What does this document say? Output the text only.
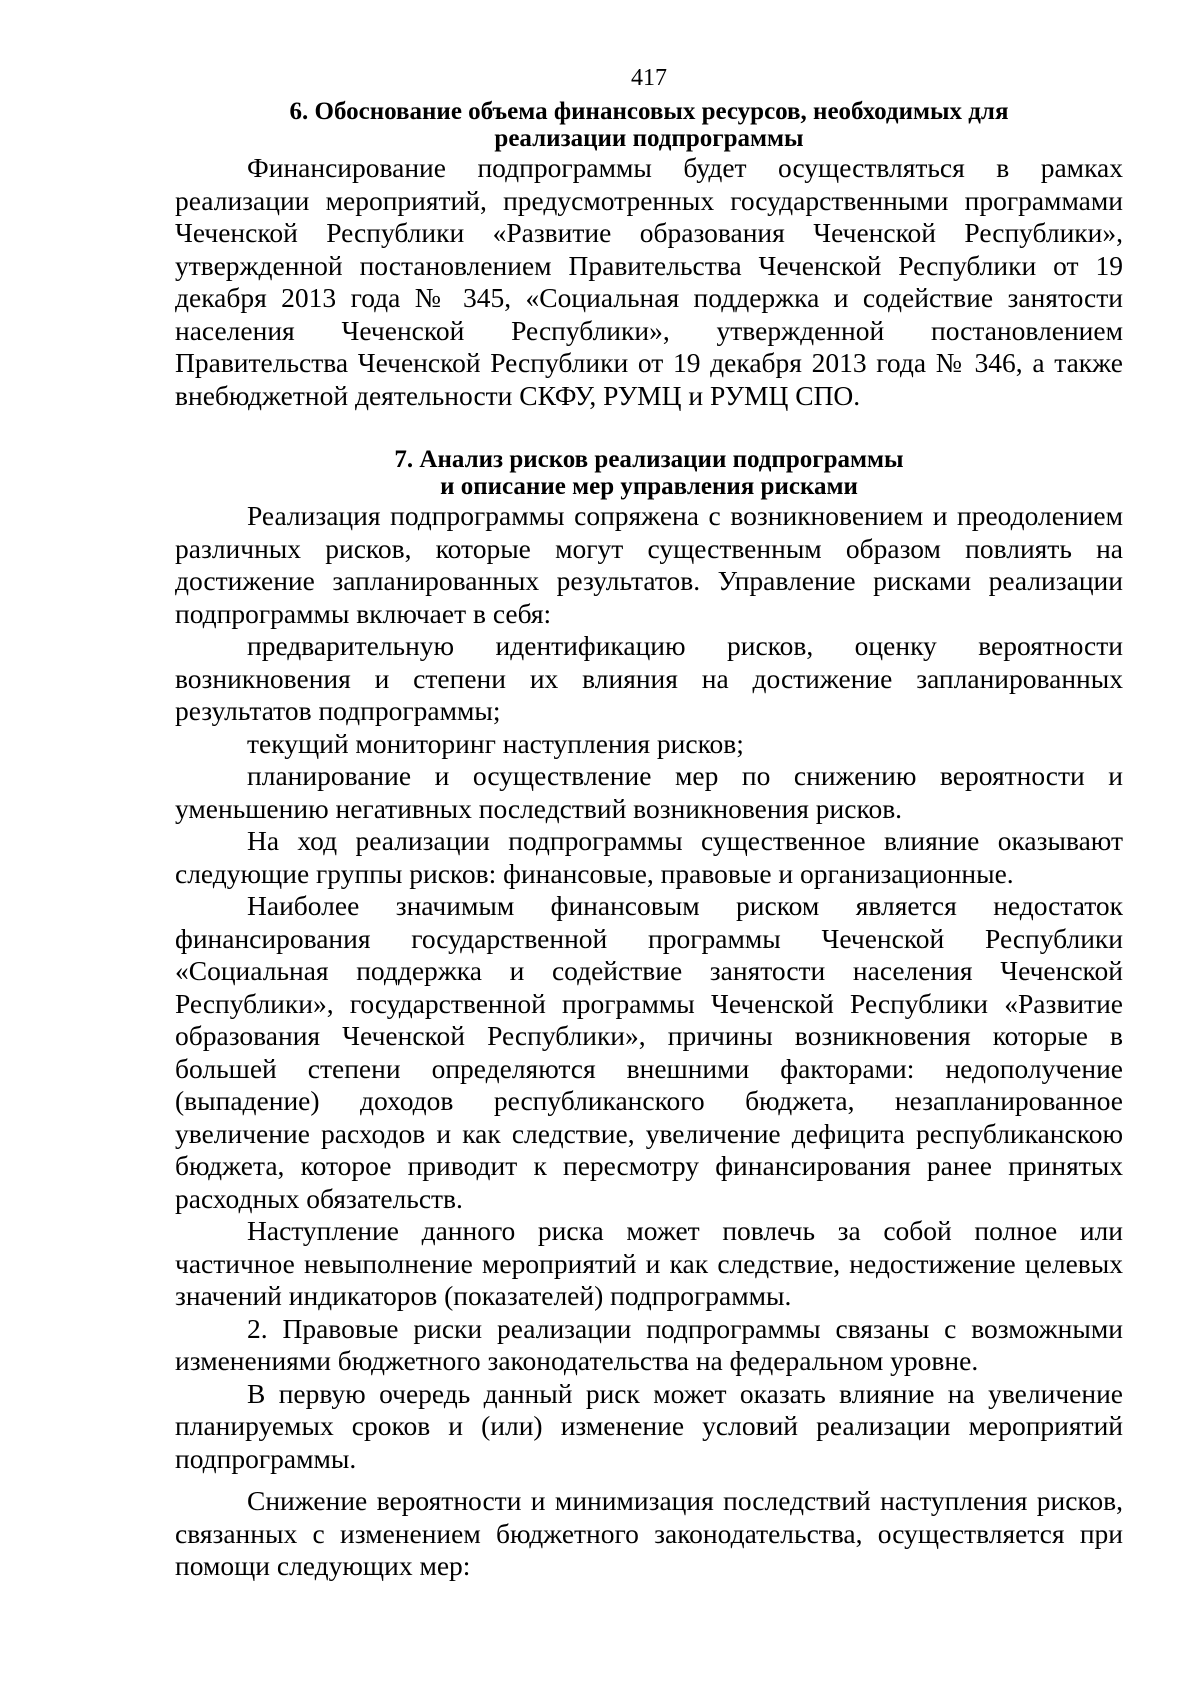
417
6. Обоснование объема финансовых ресурсов, необходимых для
реализации подпрограммы

Финансирование подпрограммы будет осуществляться в рамках реализации мероприятий, предусмотренных государственными программами Чеченской Республики «Развитие образования Чеченской Республики», утвержденной постановлением Правительства Чеченской Республики от 19 декабря 2013 года № 345, «Социальная поддержка и содействие занятости населения Чеченской Республики», утвержденной постановлением Правительства Чеченской Республики от 19 декабря 2013 года № 346, а также внебюджетной деятельности СКФУ, РУМЦ и РУМЦ СПО.

7. Анализ рисков реализации подпрограммы
и описание мер управления рисками

Реализация подпрограммы сопряжена с возникновением и преодолением различных рисков, которые могут существенным образом повлиять на достижение запланированных результатов. Управление рисками реализации подпрограммы включает в себя:

предварительную идентификацию рисков, оценку вероятности возникновения и степени их влияния на достижение запланированных результатов подпрограммы;

текущий мониторинг наступления рисков;

планирование и осуществление мер по снижению вероятности и уменьшению негативных последствий возникновения рисков.

На ход реализации подпрограммы существенное влияние оказывают следующие группы рисков: финансовые, правовые и организационные.

Наиболее значимым финансовым риском является недостаток финансирования государственной программы Чеченской Республики «Социальная поддержка и содействие занятости населения Чеченской Республики», государственной программы Чеченской Республики «Развитие образования Чеченской Республики», причины возникновения которые в большей степени определяются внешними факторами: недополучение (выпадение) доходов республиканского бюджета, незапланированное увеличение расходов и как следствие, увеличение дефицита республиканскою бюджета, которое приводит к пересмотру финансирования ранее принятых расходных обязательств.

Наступление данного риска может повлечь за собой полное или частичное невыполнение мероприятий и как следствие, недостижение целевых значений индикаторов (показателей) подпрограммы.

2. Правовые риски реализации подпрограммы связаны с возможными изменениями бюджетного законодательства на федеральном уровне.

В первую очередь данный риск может оказать влияние на увеличение планируемых сроков и (или) изменение условий реализации мероприятий подпрограммы.

Снижение вероятности и минимизация последствий наступления рисков, связанных с изменением бюджетного законодательства, осуществляется при помощи следующих мер:
